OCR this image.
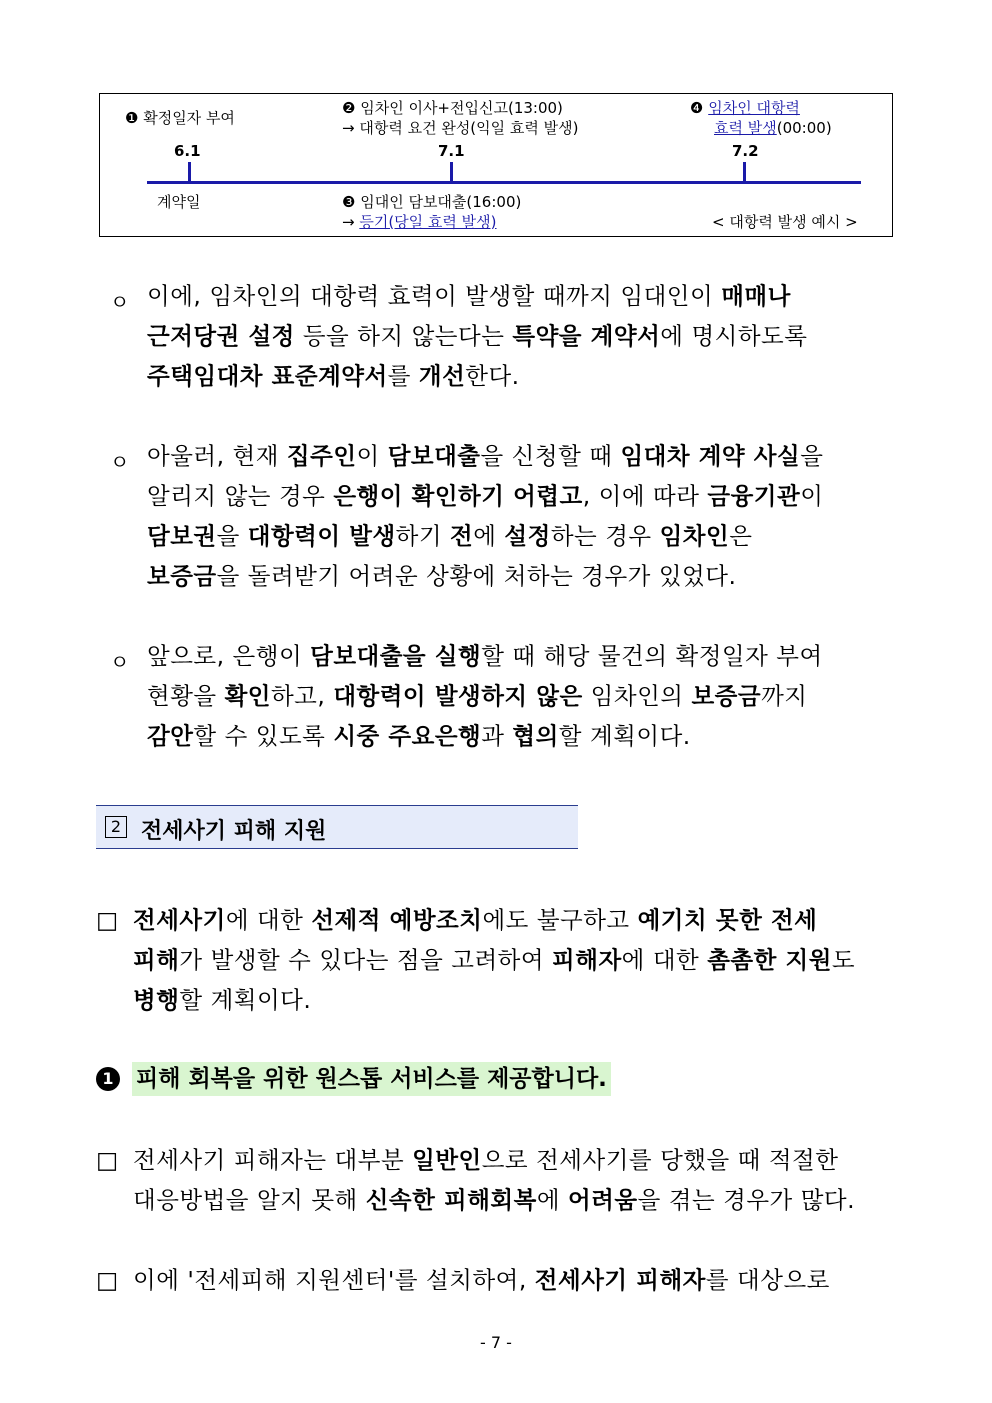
❶ 확정일자 부여
❷ 임차인 이사+전입신고(13:00)
→ 대항력 요건 완성(익일 효력 발생)
❹ 임차인 대항력
효력 발생(00:00)
6.1	7.1	7.2
계약일	❸ 임대인 담보대출(16:00)
→ 등기(당일 효력 발생)	< 대항력 발생 예시 >
ㅇ 이에, 임차인의 대항력 효력이 발생할 때까지 임대인이 매매나
근저당권 설정 등을 하지 않는다는 특약을 계약서에 명시하도록
주택임대차 표준계약서를 개선한다.
ㅇ 아울러, 현재 집주인이 담보대출을 신청할 때 임대차 계약 사실을
알리지 않는 경우 은행이 확인하기 어렵고, 이에 따라 금융기관이
담보권을 대항력이 발생하기 전에 설정하는 경우 임차인은
보증금을 돌려받기 어려운 상황에 처하는 경우가 있었다.
ㅇ 앞으로, 은행이 담보대출을 실행할 때 해당 물건의 확정일자 부여
현황을 확인하고, 대항력이 발생하지 않은 임차인의 보증금까지
감안할 수 있도록 시중 주요은행과 협의할 계획이다.
2 전세사기 피해 지원
□ 전세사기에 대한 선제적 예방조치에도 불구하고 예기치 못한 전세
피해가 발생할 수 있다는 점을 고려하여 피해자에 대한 촘촘한 지원도
병행할 계획이다.
1 피해 회복을 위한 원스톱 서비스를 제공합니다.
□ 전세사기 피해자는 대부분 일반인으로 전세사기를 당했을 때 적절한
대응방법을 알지 못해 신속한 피해회복에 어려움을 겪는 경우가 많다.
□ 이에 '전세피해 지원센터'를 설치하여, 전세사기 피해자를 대상으로
- 7 -
